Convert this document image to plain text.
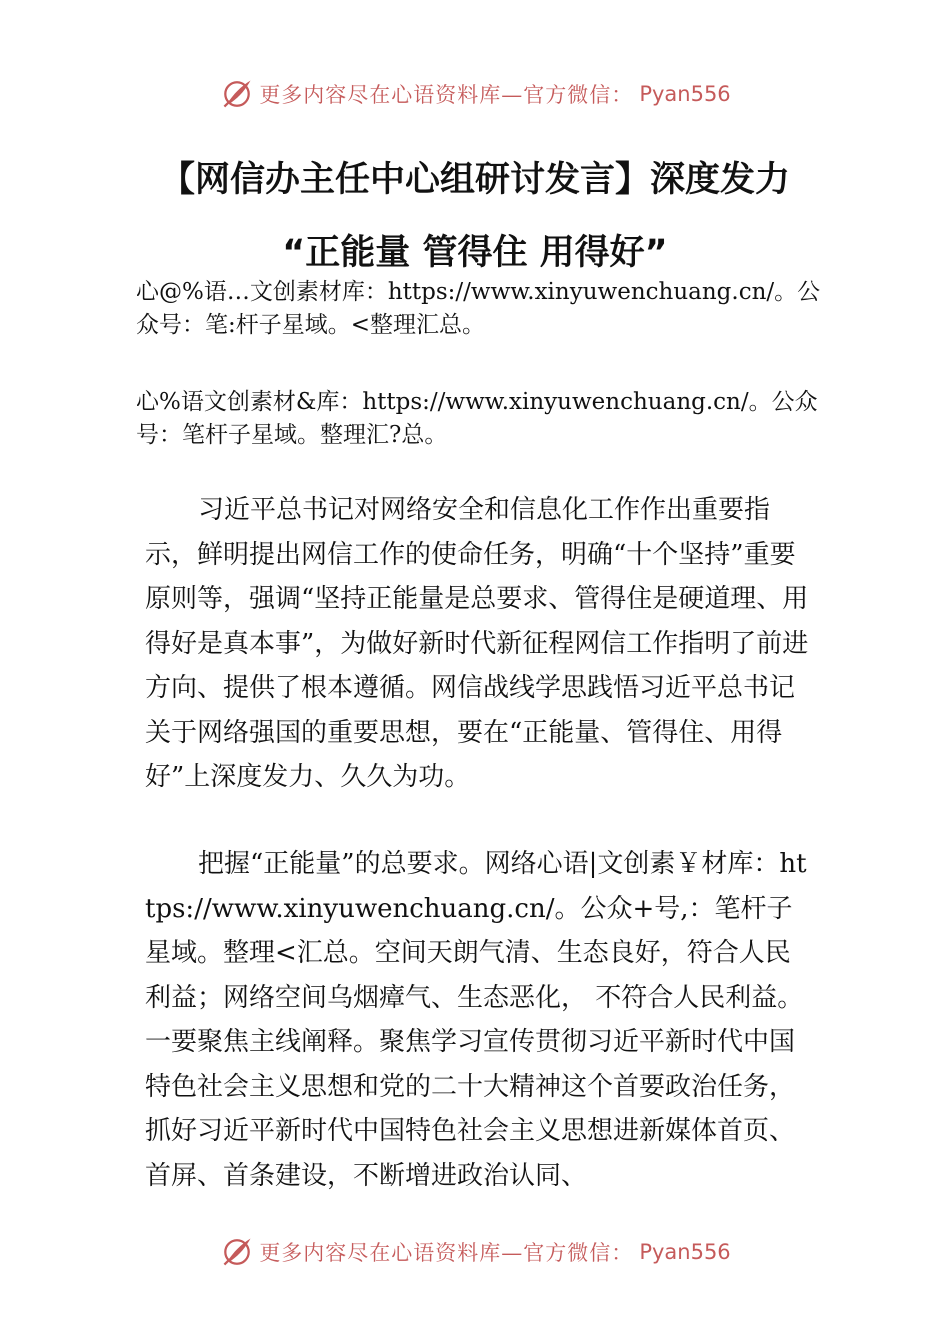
更多内容尽在心语资料库—官方微信： Pyan556
【网信办主任中心组研讨发言】深度发力
“正能量 管得住 用得好”
心@%语…文创素材库：https://www.xinyuwenchuang.cn/。公众号：笔:杆子星域。<整理汇总。
心%语文创素材&库：https://www.xinyuwenchuang.cn/。公众号：笔杆子星域。整理汇?总。

习近平总书记对网络安全和信息化工作作出重要指示，鲜明提出网信工作的使命任务，明确“十个坚持”重要原则等，强调“坚持正能量是总要求、管得住是硬道理、用得好是真本事”，为做好新时代新征程网信工作指明了前进方向、提供了根本遵循。网信战线学思践悟习近平总书记关于网络强国的重要思想，要在“正能量、管得住、用得好”上深度发力、久久为功。

把握“正能量”的总要求。网络心语|文创素￥材库：https://www.xinyuwenchuang.cn/。公众+号,：笔杆子星域。整理<汇总。空间天朗气清、生态良好，符合人民利益；网络空间乌烟瘴气、生态恶化， 不符合人民利益。一要聚焦主线阐释。聚焦学习宣传贯彻习近平新时代中国特色社会主义思想和党的二十大精神这个首要政治任务，抓好习近平新时代中国特色社会主义思想进新媒体首页、首屏、首条建设，不断增进政治认同、

更多内容尽在心语资料库—官方微信： Pyan556
